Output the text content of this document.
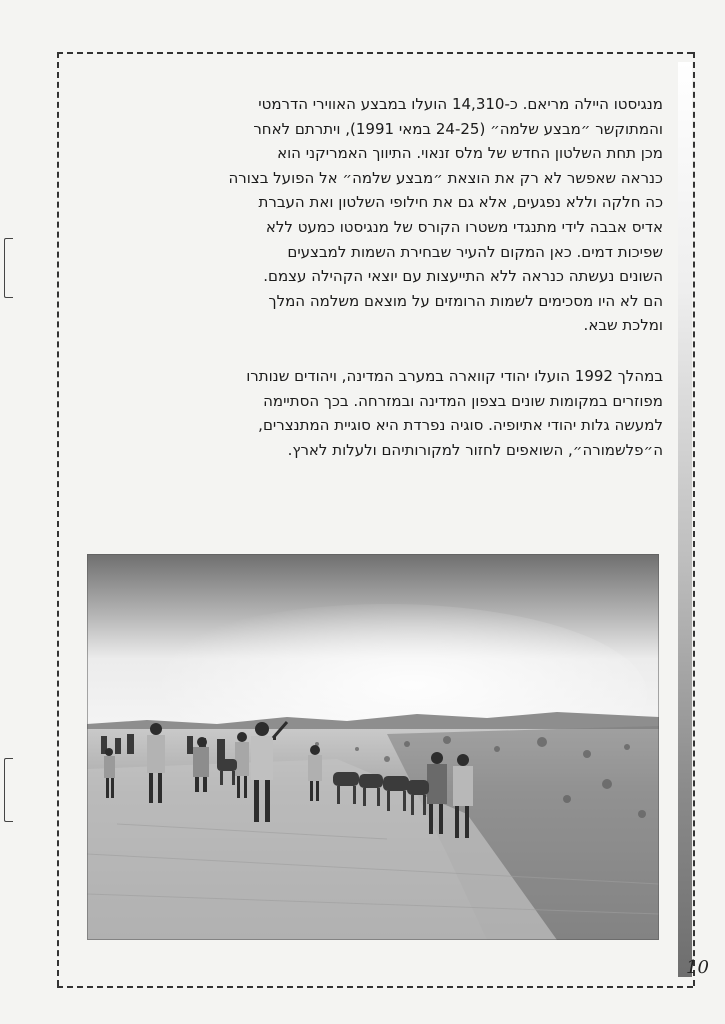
מנגיסטו היילה מריאם. כ-14,310 הועלו במבצע האווירי הדרמטי
והמתוקשר ״מבצע שלמה״ (24-25 במאי 1991), ויתרתם לאחר
מכן תחת השלטון החדש של מלס זנאוי. התיווך האמריקני הוא
כנראה שאפשר לא רק את הוצאת ״מבצע שלמה״ אל הפועל בצורה
כה חלקה וללא נפגעים, אלא גם את חילופי השלטון ואת העברת
אדיס אבבה לידי מתנגדי משטרו הקורס של מנגיסטו כמעט ללא
שפיכות דמים. כאן המקום להעיר שבחירת השמות למבצעים
השונים נעשתה כנראה ללא התייעצות עם יוצאי הקהילה עצמם.
הם לא היו מסכימים לשמות הרומזים על מוצאם משלמה המלך
ומלכת שבא.
במהלך 1992 הועלו יהודי קווארה במערב המדינה, ויהודים שנותרו
מפוזרים במקומות שונים בצפון המדינה ובמזרחה. בכך הסתיימה
למעשה גלות יהודי אתיופיה. סוגיה נפרדת היא סוגיית המתנצרים,
ה״פלשמורה״, השואפים לחזור למקורותיהם ולעלות לארץ.
10
